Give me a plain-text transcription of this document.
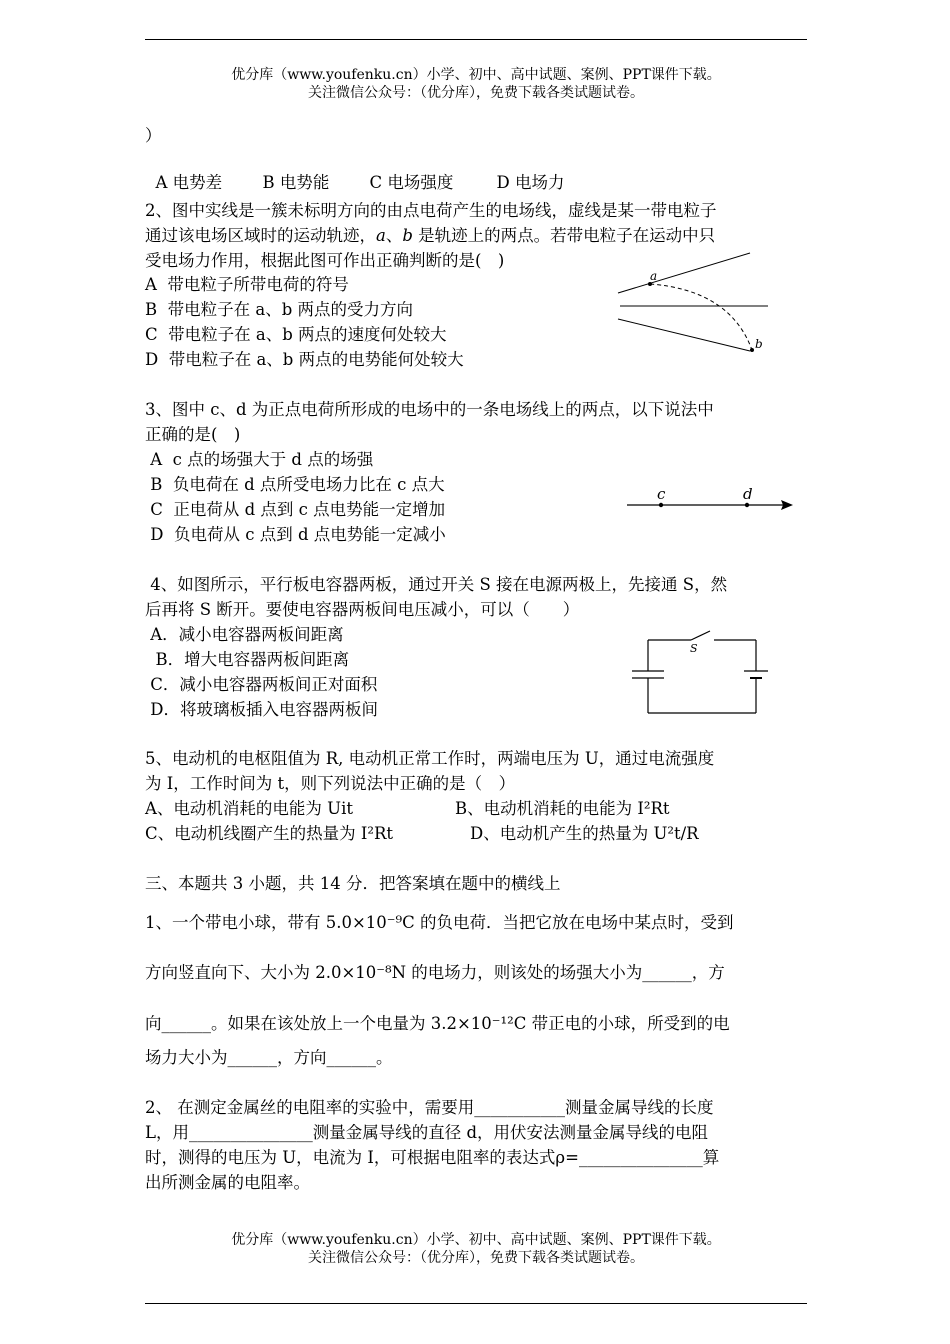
优分库（www.youfenku.cn）小学、初中、高中试题、案例、PPT课件下载。
关注微信公众号：（优分库），免费下载各类试题试卷。
）

A 电势差 B 电势能 C 电场强度	D 电场力

2、图中实线是一簇未标明方向的由点电荷产生的电场线，虚线是某一带电粒子
通过该电场区域时的运动轨迹，a、b 是轨迹上的两点。若带电粒子在运动中只
受电场力作用，根据此图可作出正确判断的是(　)
A  带电粒子所带电荷的符号
B  带电粒子在 a、b 两点的受力方向
C  带电粒子在 a、b 两点的速度何处较大
D  带电粒子在 a、b 两点的电势能何处较大
a
b
3、图中 c、d 为正点电荷所形成的电场中的一条电场线上的两点，以下说法中
正确的是(　)
A  c 点的场强大于 d 点的场强
B  负电荷在 d 点所受电场力比在 c 点大
C  正电荷从 d 点到 c 点电势能一定增加
D  负电荷从 c 点到 d 点电势能一定减小
c	d
4、如图所示，平行板电容器两板，通过开关 S 接在电源两极上，先接通 S，然
后再将 S 断开。要使电容器两板间电压减小，可以（　　）
A．减小电容器两板间距离
B．增大电容器两板间距离
C．减小电容器两板间正对面积
D．将玻璃板插入电容器两板间
S
5、电动机的电枢阻值为 R, 电动机正常工作时，两端电压为 U，通过电流强度
为 I，工作时间为 t，则下列说法中正确的是（　）
A、电动机消耗的电能为 Uit	B、电动机消耗的电能为 I²Rt
C、电动机线圈产生的热量为 I²Rt	D、电动机产生的热量为 U²t/R
三、本题共 3 小题，共 14 分．把答案填在题中的横线上
1、一个带电小球，带有 5.0×10⁻⁹C 的负电荷．当把它放在电场中某点时，受到
方向竖直向下、大小为 2.0×10⁻⁸N 的电场力，则该处的场强大小为______，方
向______。如果在该处放上一个电量为 3.2×10⁻¹²C 带正电的小球，所受到的电
场力大小为______，方向______。
2、 在测定金属丝的电阻率的实验中，需要用___________测量金属导线的长度
L，用_______________测量金属导线的直径 d，用伏安法测量金属导线的电阻
时，测得的电压为 U，电流为 I，可根据电阻率的表达式ρ=_______________算
出所测金属的电阻率。
优分库（www.youfenku.cn）小学、初中、高中试题、案例、PPT课件下载。
关注微信公众号：（优分库），免费下载各类试题试卷。
